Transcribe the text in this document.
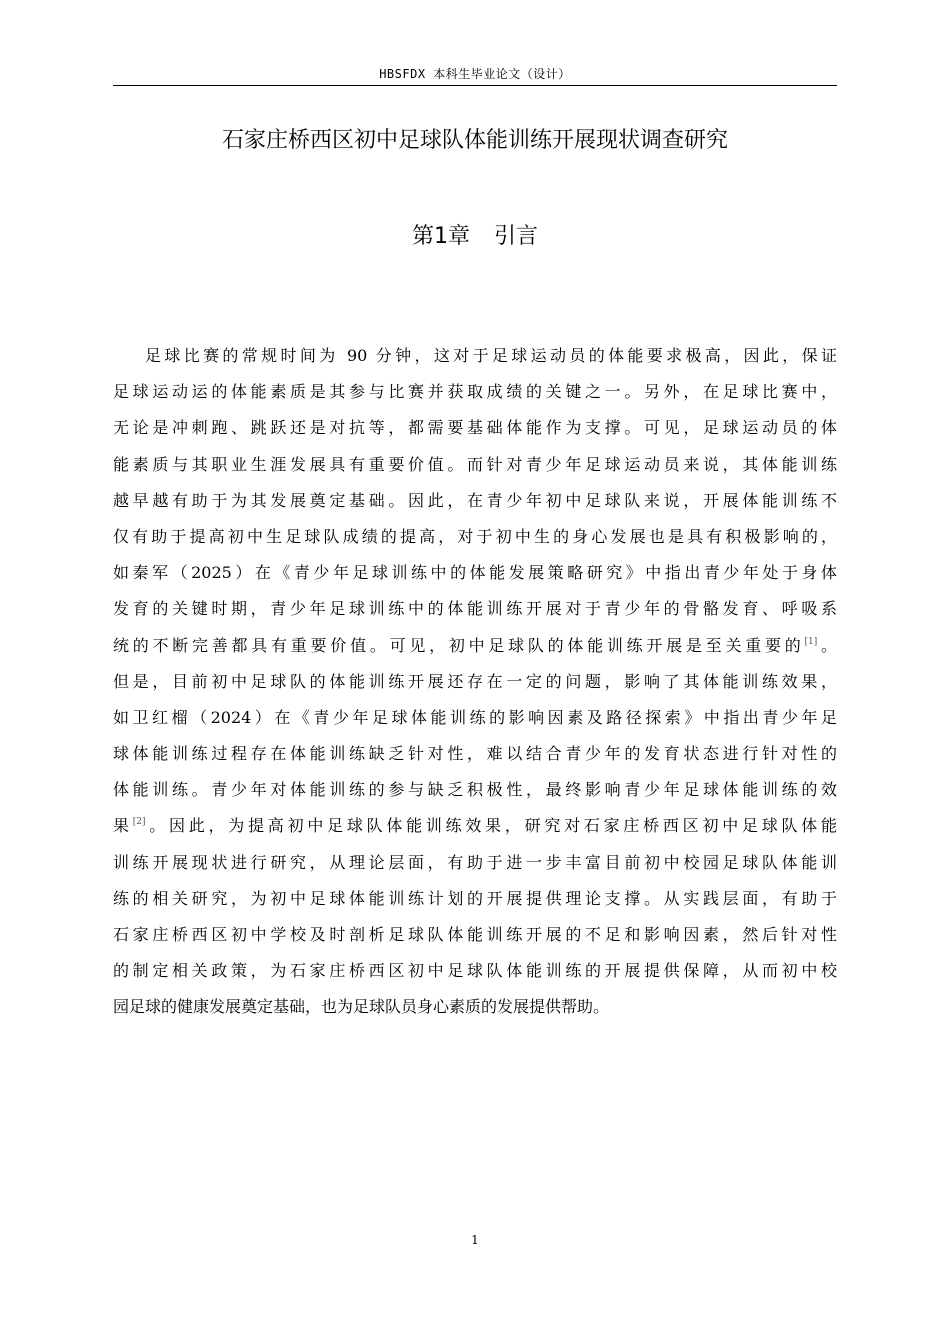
HBSFDX 本科生毕业论文（设计）
石家庄桥西区初中足球队体能训练开展现状调查研究
第1章 引言
足球比赛的常规时间为 90 分钟，这对于足球运动员的体能要求极高，因此，保证
足球运动运的体能素质是其参与比赛并获取成绩的关键之一。另外，在足球比赛中，
无论是冲刺跑、跳跃还是对抗等，都需要基础体能作为支撑。可见，足球运动员的体
能素质与其职业生涯发展具有重要价值。而针对青少年足球运动员来说，其体能训练
越早越有助于为其发展奠定基础。因此，在青少年初中足球队来说，开展体能训练不
仅有助于提高初中生足球队成绩的提高，对于初中生的身心发展也是具有积极影响的，
如秦军（2025）在《青少年足球训练中的体能发展策略研究》中指出青少年处于身体
发育的关键时期，青少年足球训练中的体能训练开展对于青少年的骨骼发育、呼吸系
统的不断完善都具有重要价值。可见，初中足球队的体能训练开展是至关重要的[1]。
但是，目前初中足球队的体能训练开展还存在一定的问题，影响了其体能训练效果，
如卫红榴（2024）在《青少年足球体能训练的影响因素及路径探索》中指出青少年足
球体能训练过程存在体能训练缺乏针对性，难以结合青少年的发育状态进行针对性的
体能训练。青少年对体能训练的参与缺乏积极性，最终影响青少年足球体能训练的效
果[2]。因此，为提高初中足球队体能训练效果，研究对石家庄桥西区初中足球队体能
训练开展现状进行研究，从理论层面，有助于进一步丰富目前初中校园足球队体能训
练的相关研究，为初中足球体能训练计划的开展提供理论支撑。从实践层面，有助于
石家庄桥西区初中学校及时剖析足球队体能训练开展的不足和影响因素，然后针对性
的制定相关政策，为石家庄桥西区初中足球队体能训练的开展提供保障，从而初中校
园足球的健康发展奠定基础，也为足球队员身心素质的发展提供帮助。
1
